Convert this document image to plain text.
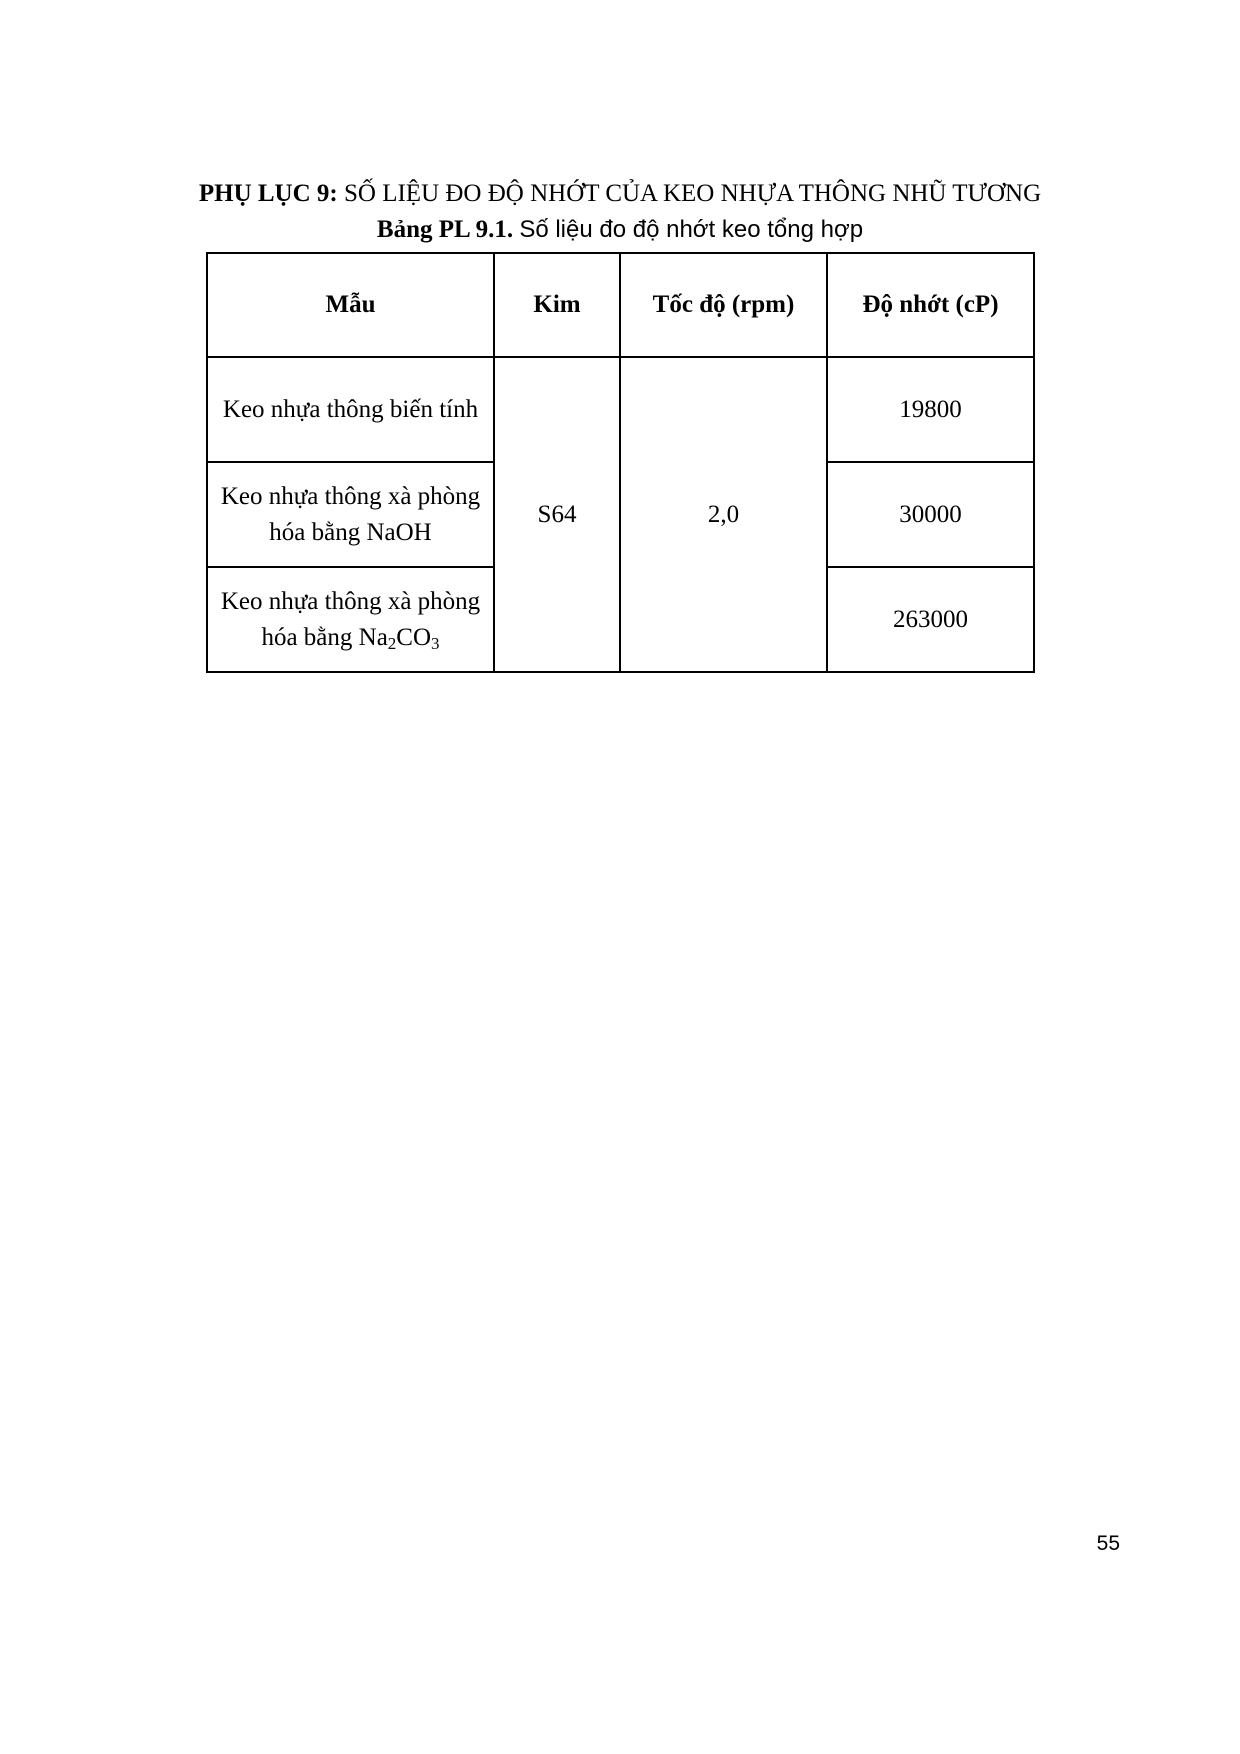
PHỤ LỤC 9: SỐ LIỆU ĐO ĐỘ NHỚT CỦA KEO NHỰA THÔNG NHŨ TƯƠNG
Bảng PL 9.1. Số liệu đo độ nhớt keo tổng hợp
Mẫu	Kim	Tốc độ (rpm)	Độ nhớt (cP)
Keo nhựa thông biến tính	S64	2,0	19800
Keo nhựa thông xà phòng
hóa bằng NaOH			30000
Keo nhựa thông xà phòng
hóa bằng $Na_2CO_3$			263000
55
